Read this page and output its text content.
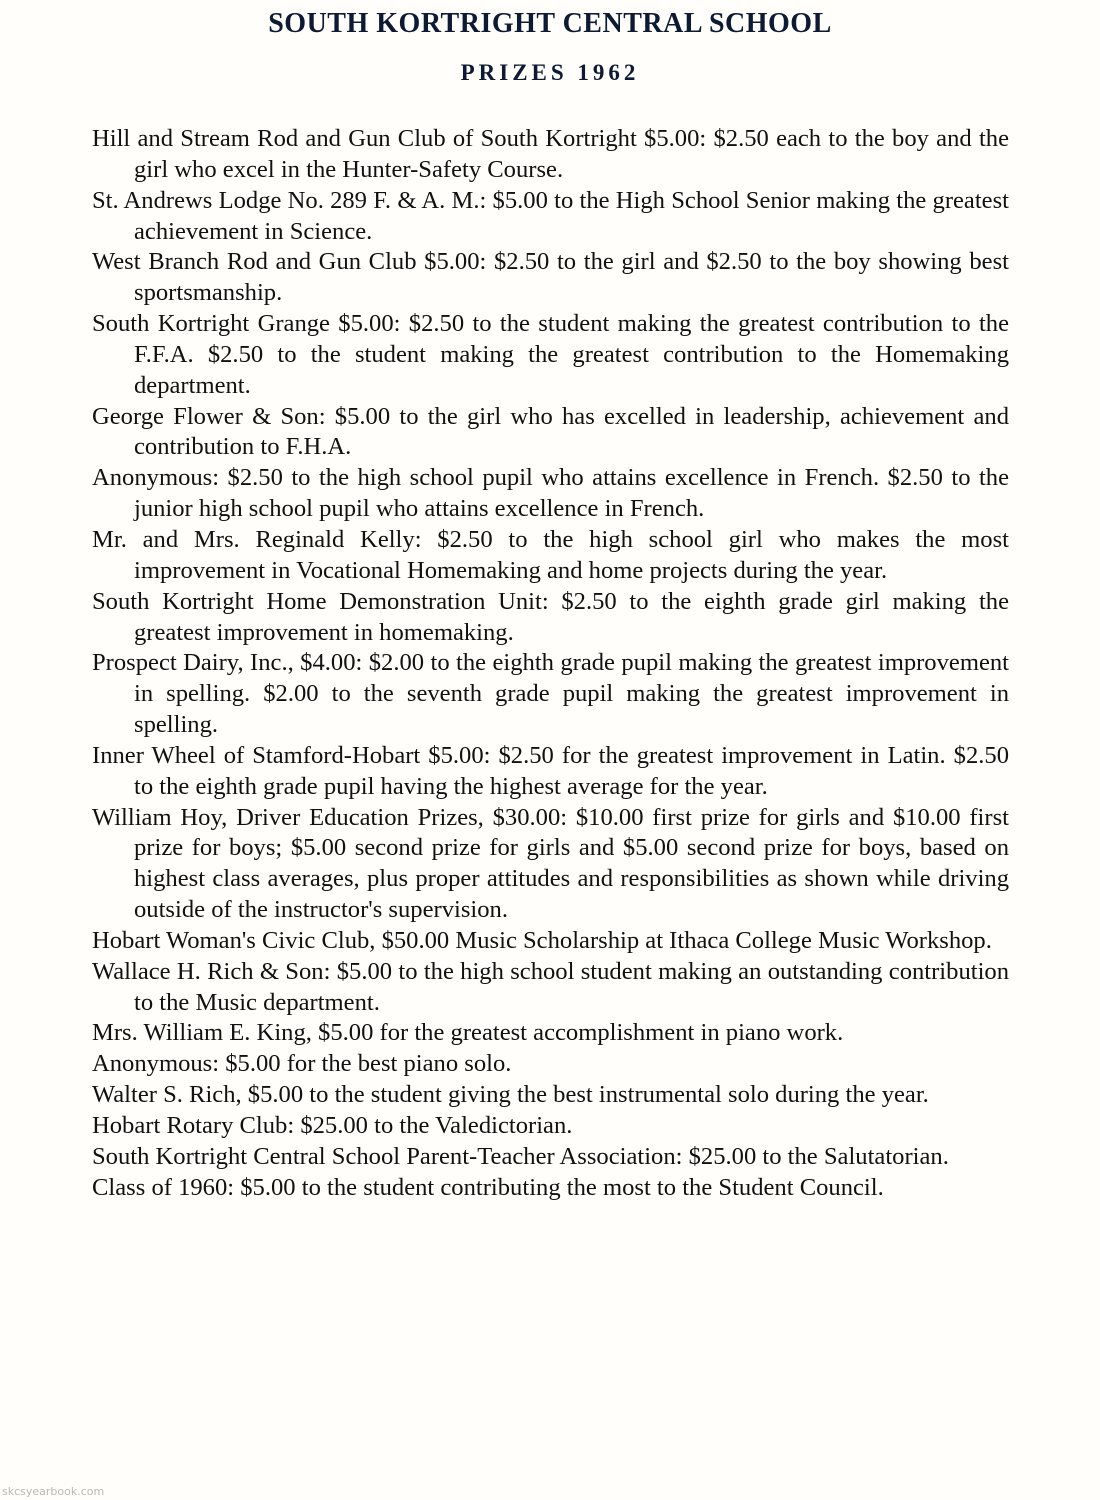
SOUTH KORTRIGHT CENTRAL SCHOOL
PRIZES 1962
Hill and Stream Rod and Gun Club of South Kortright $5.00: $2.50 each to the boy and the girl who excel in the Hunter-Safety Course.
St. Andrews Lodge No. 289 F. & A. M.: $5.00 to the High School Senior making the greatest achievement in Science.
West Branch Rod and Gun Club $5.00: $2.50 to the girl and $2.50 to the boy showing best sportsmanship.
South Kortright Grange $5.00: $2.50 to the student making the greatest contribution to the F.F.A. $2.50 to the student making the greatest contribution to the Homemaking department.
George Flower & Son: $5.00 to the girl who has excelled in leadership, achievement and contribution to F.H.A.
Anonymous: $2.50 to the high school pupil who attains excellence in French. $2.50 to the junior high school pupil who attains excellence in French.
Mr. and Mrs. Reginald Kelly: $2.50 to the high school girl who makes the most improvement in Vocational Homemaking and home projects during the year.
South Kortright Home Demonstration Unit: $2.50 to the eighth grade girl making the greatest improvement in homemaking.
Prospect Dairy, Inc., $4.00: $2.00 to the eighth grade pupil making the greatest improvement in spelling. $2.00 to the seventh grade pupil making the greatest improvement in spelling.
Inner Wheel of Stamford-Hobart $5.00: $2.50 for the greatest improvement in Latin. $2.50 to the eighth grade pupil having the highest average for the year.
William Hoy, Driver Education Prizes, $30.00: $10.00 first prize for girls and $10.00 first prize for boys; $5.00 second prize for girls and $5.00 second prize for boys, based on highest class averages, plus proper attitudes and responsibilities as shown while driving outside of the instructor's supervision.
Hobart Woman's Civic Club, $50.00 Music Scholarship at Ithaca College Music Workshop.
Wallace H. Rich & Son: $5.00 to the high school student making an outstanding contribution to the Music department.
Mrs. William E. King, $5.00 for the greatest accomplishment in piano work.
Anonymous: $5.00 for the best piano solo.
Walter S. Rich, $5.00 to the student giving the best instrumental solo during the year.
Hobart Rotary Club: $25.00 to the Valedictorian.
South Kortright Central School Parent-Teacher Association: $25.00 to the Salutatorian.
Class of 1960: $5.00 to the student contributing the most to the Student Council.

skcsyearbook.com
